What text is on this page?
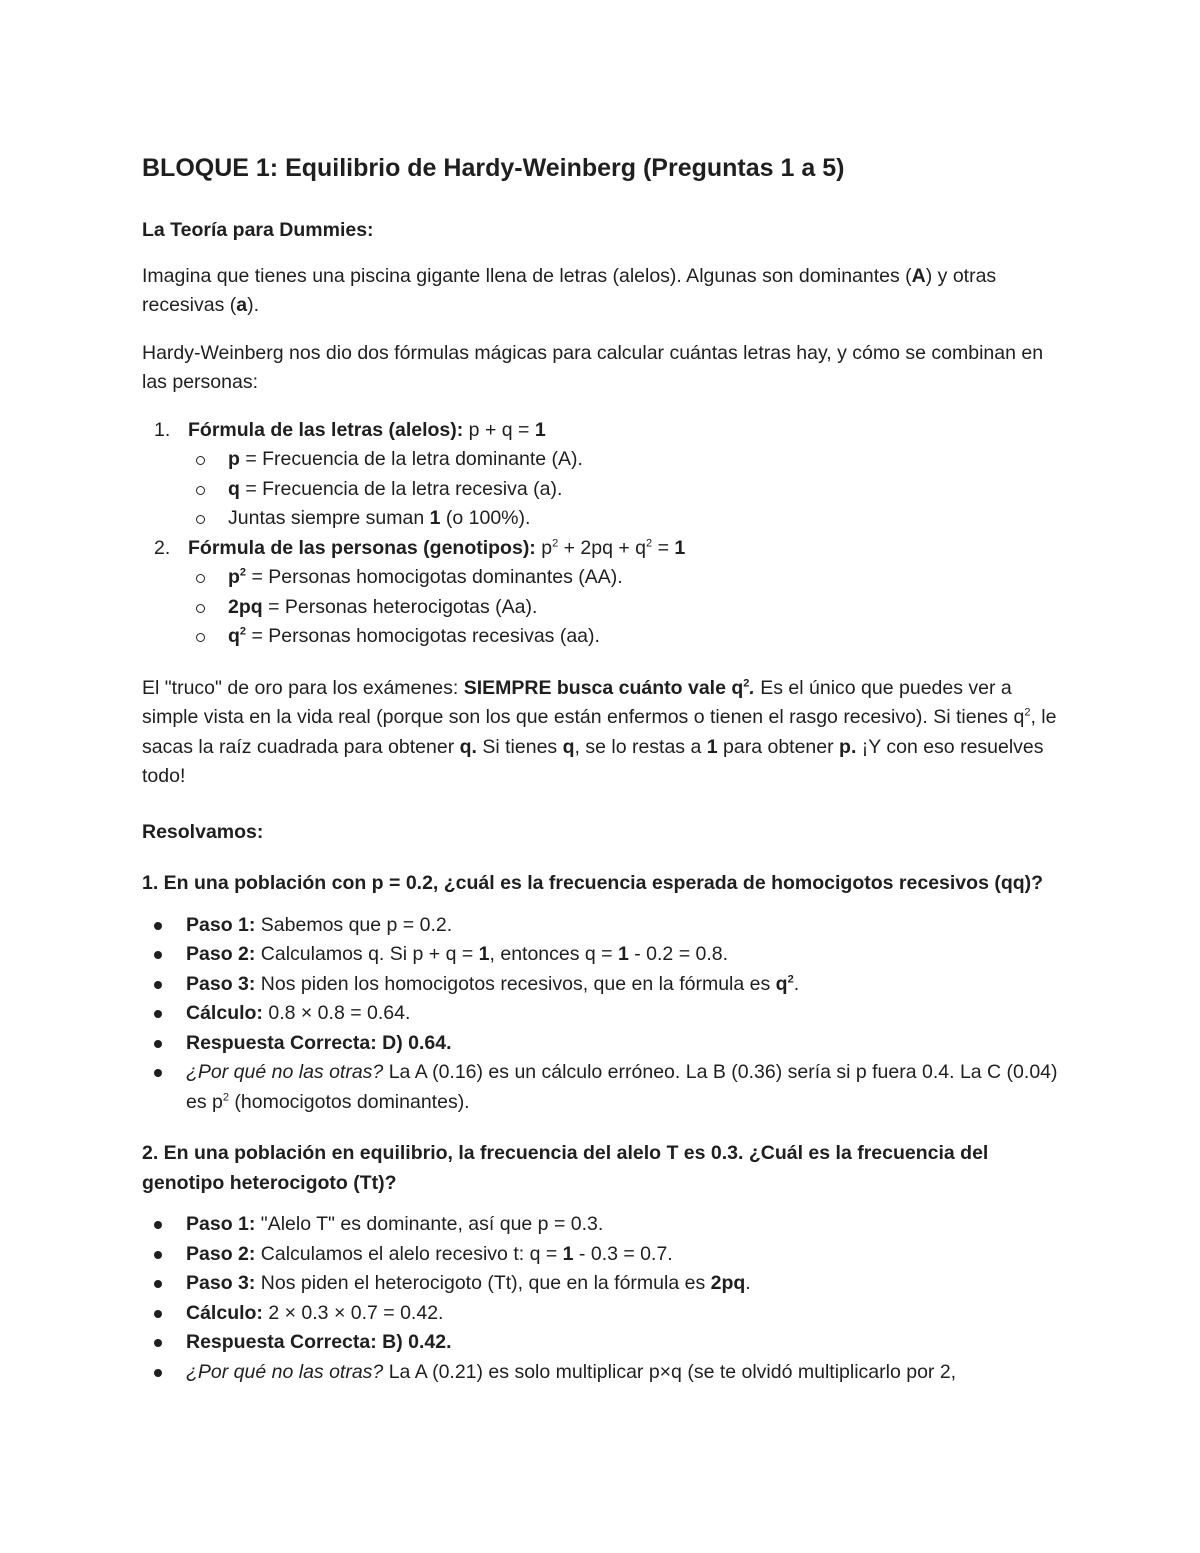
BLOQUE 1: Equilibrio de Hardy-Weinberg (Preguntas 1 a 5)

La Teoría para Dummies:

Imagina que tienes una piscina gigante llena de letras (alelos). Algunas son dominantes (A) y otras recesivas (a).

Hardy-Weinberg nos dio dos fórmulas mágicas para calcular cuántas letras hay, y cómo se combinan en las personas:

1. Fórmula de las letras (alelos): p + q = 1
p = Frecuencia de la letra dominante (A).
q = Frecuencia de la letra recesiva (a).
Juntas siempre suman 1 (o 100%).
2. Fórmula de las personas (genotipos): $p^2 + 2pq + q^2 = 1$
$p^2$ = Personas homocigotas dominantes (AA).
2pq = Personas heterocigotas (Aa).
$q^2$ = Personas homocigotas recesivas (aa).

El "truco" de oro para los exámenes: SIEMPRE busca cuánto vale $q^2$. Es el único que puedes ver a simple vista en la vida real (porque son los que están enfermos o tienen el rasgo recesivo). Si tienes $q^2$, le sacas la raíz cuadrada para obtener q. Si tienes q, se lo restas a 1 para obtener p. ¡Y con eso resuelves todo!

Resolvamos:

1. En una población con p = 0.2, ¿cuál es la frecuencia esperada de homocigotos recesivos (qq)?

Paso 1: Sabemos que p = 0.2.
Paso 2: Calculamos q. Si p + q = 1, entonces q = 1 - 0.2 = 0.8.
Paso 3: Nos piden los homocigotos recesivos, que en la fórmula es $q^2$.
Cálculo: 0.8 × 0.8 = 0.64.
Respuesta Correcta: D) 0.64.
¿Por qué no las otras? La A (0.16) es un cálculo erróneo. La B (0.36) sería si p fuera 0.4. La C (0.04) es $p^2$ (homocigotos dominantes).

2. En una población en equilibrio, la frecuencia del alelo T es 0.3. ¿Cuál es la frecuencia del genotipo heterocigoto (Tt)?

Paso 1: "Alelo T" es dominante, así que p = 0.3.
Paso 2: Calculamos el alelo recesivo t: q = 1 - 0.3 = 0.7.
Paso 3: Nos piden el heterocigoto (Tt), que en la fórmula es 2pq.
Cálculo: 2 × 0.3 × 0.7 = 0.42.
Respuesta Correcta: B) 0.42.
¿Por qué no las otras? La A (0.21) es solo multiplicar p×q (se te olvidó multiplicarlo por 2,
